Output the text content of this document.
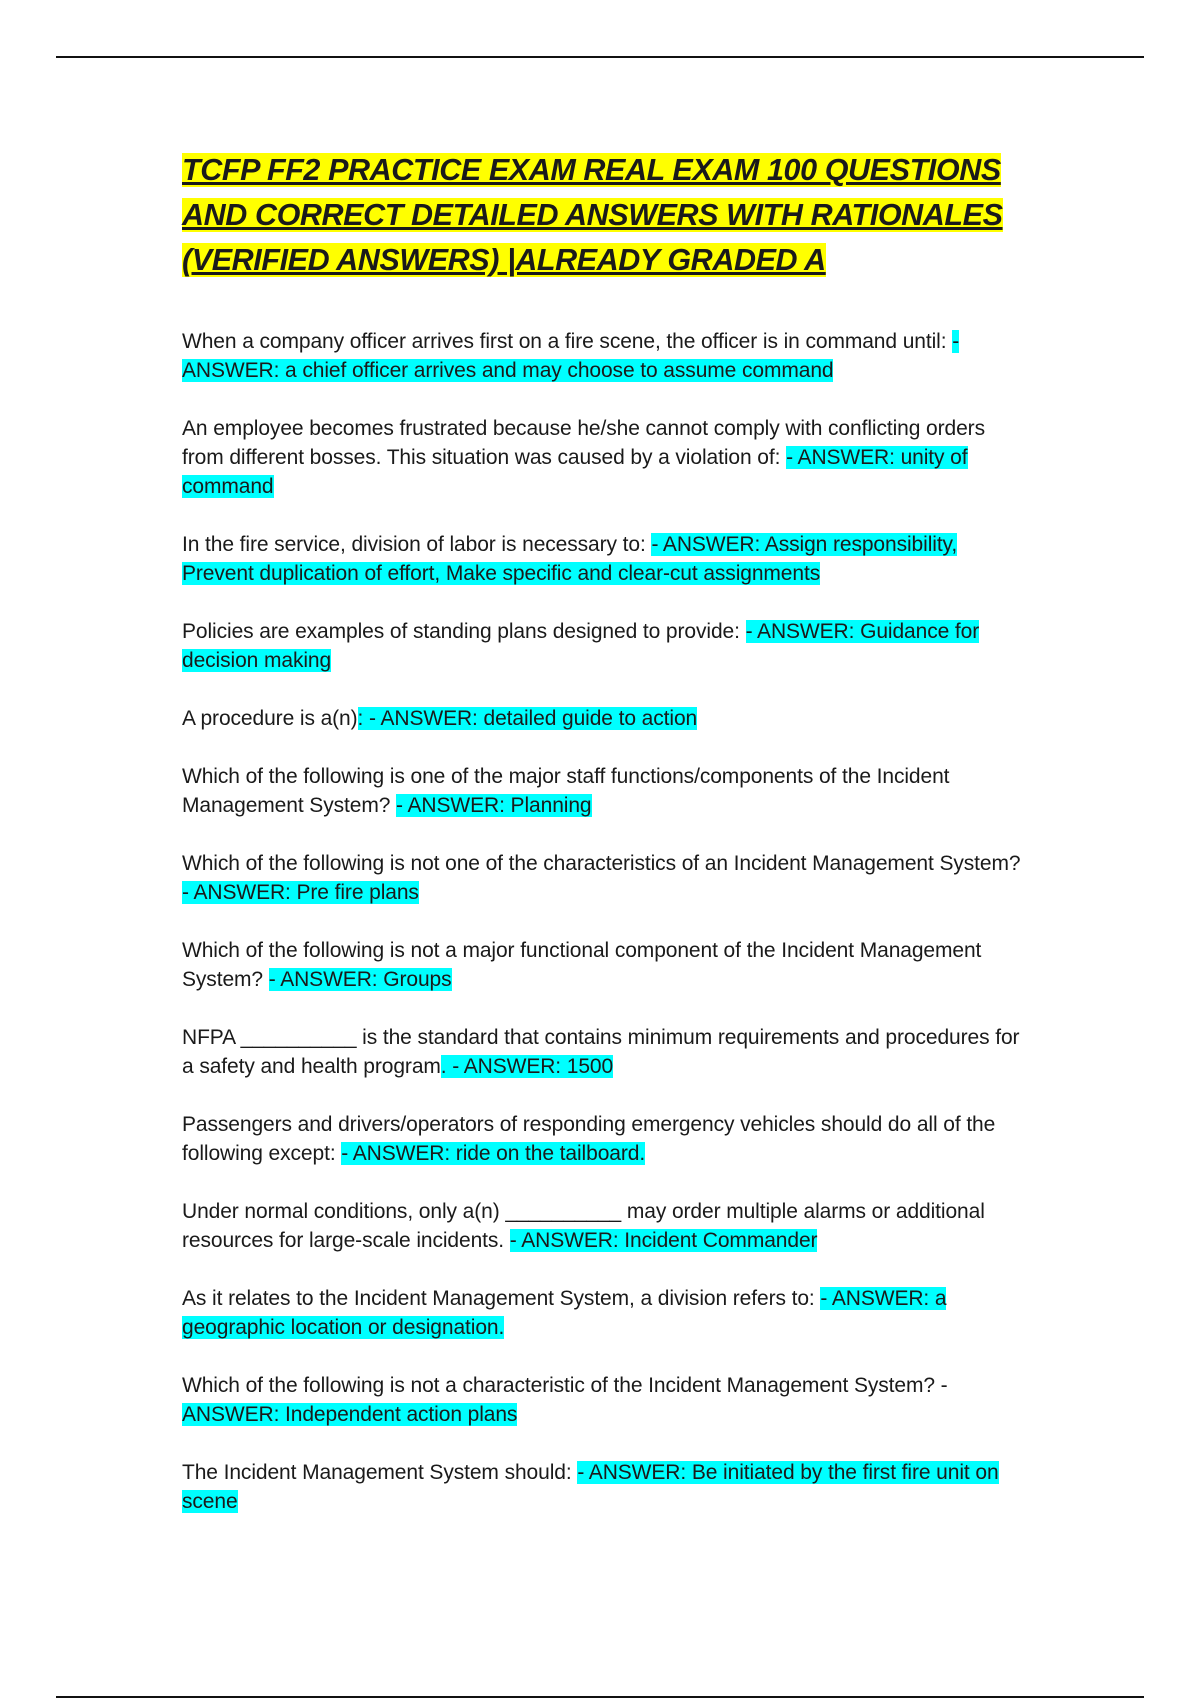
TCFP FF2 PRACTICE EXAM REAL EXAM 100 QUESTIONS AND CORRECT DETAILED ANSWERS WITH RATIONALES (VERIFIED ANSWERS) |ALREADY GRADED A

When a company officer arrives first on a fire scene, the officer is in command until: - ANSWER: a chief officer arrives and may choose to assume command

An employee becomes frustrated because he/she cannot comply with conflicting orders from different bosses. This situation was caused by a violation of: - ANSWER: unity of command

In the fire service, division of labor is necessary to: - ANSWER: Assign responsibility, Prevent duplication of effort, Make specific and clear-cut assignments

Policies are examples of standing plans designed to provide: - ANSWER: Guidance for decision making

A procedure is a(n): - ANSWER: detailed guide to action

Which of the following is one of the major staff functions/components of the Incident Management System? - ANSWER: Planning

Which of the following is not one of the characteristics of an Incident Management System? - ANSWER: Pre fire plans

Which of the following is not a major functional component of the Incident Management System? - ANSWER: Groups

NFPA __________ is the standard that contains minimum requirements and procedures for a safety and health program. - ANSWER: 1500

Passengers and drivers/operators of responding emergency vehicles should do all of the following except: - ANSWER: ride on the tailboard.

Under normal conditions, only a(n) __________ may order multiple alarms or additional resources for large-scale incidents. - ANSWER: Incident Commander

As it relates to the Incident Management System, a division refers to: - ANSWER: a geographic location or designation.

Which of the following is not a characteristic of the Incident Management System? - ANSWER: Independent action plans

The Incident Management System should: - ANSWER: Be initiated by the first fire unit on scene
